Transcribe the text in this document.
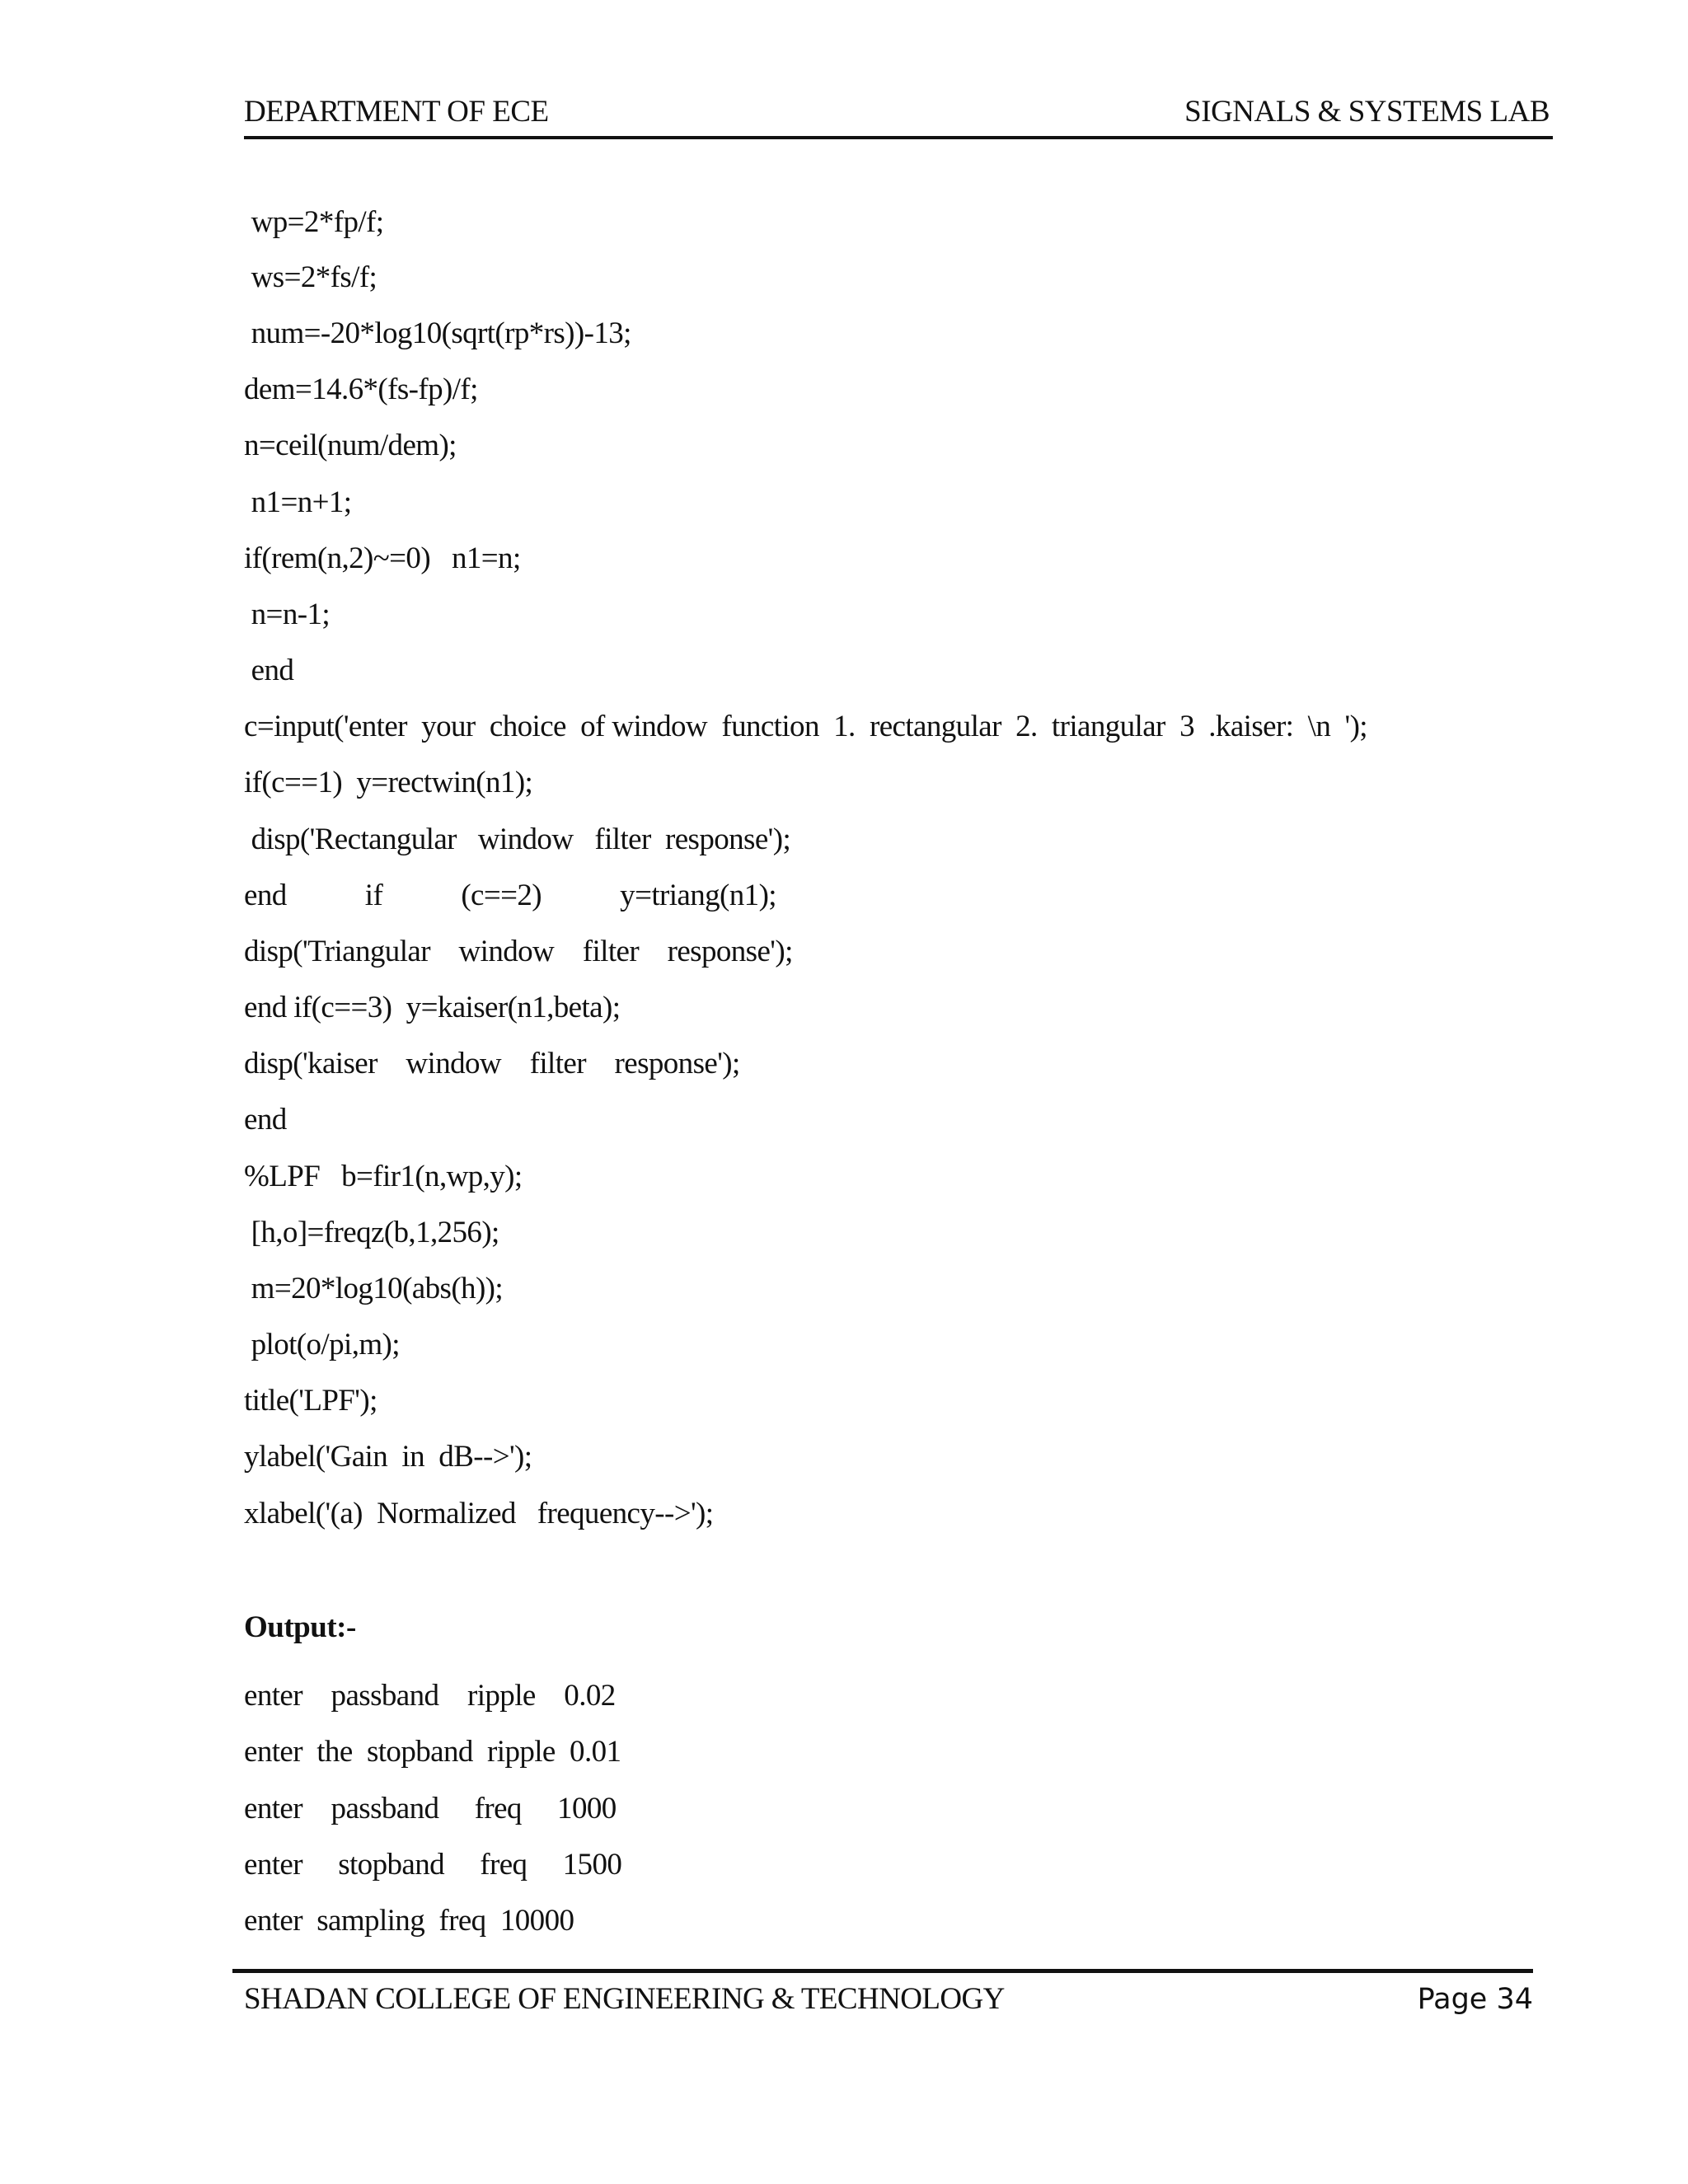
DEPARTMENT OF ECE	SIGNALS & SYSTEMS LAB
wp=2*fp/f;
ws=2*fs/f;
num=-20*log10(sqrt(rp*rs))-13;
dem=14.6*(fs-fp)/f;
n=ceil(num/dem);
n1=n+1;
if(rem(n,2)~=0)   n1=n;
n=n-1;
end
c=input('enter  your  choice  of window  function  1.  rectangular  2.  triangular  3  .kaiser:  \n  ');
if(c==1)  y=rectwin(n1);
disp('Rectangular   window   filter  response');
end           if           (c==2)           y=triang(n1);
disp('Triangular    window    filter    response');
end if(c==3)  y=kaiser(n1,beta);
disp('kaiser    window    filter    response');
end
%LPF   b=fir1(n,wp,y);
[h,o]=freqz(b,1,256);
m=20*log10(abs(h));
plot(o/pi,m);
title('LPF');
ylabel('Gain  in  dB-->');
xlabel('(a)  Normalized   frequency-->');
Output:-
enter    passband    ripple    0.02
enter  the  stopband  ripple  0.01
enter    passband     freq     1000
enter     stopband     freq     1500
enter  sampling  freq  10000
SHADAN COLLEGE OF ENGINEERING & TECHNOLOGY	Page 34
